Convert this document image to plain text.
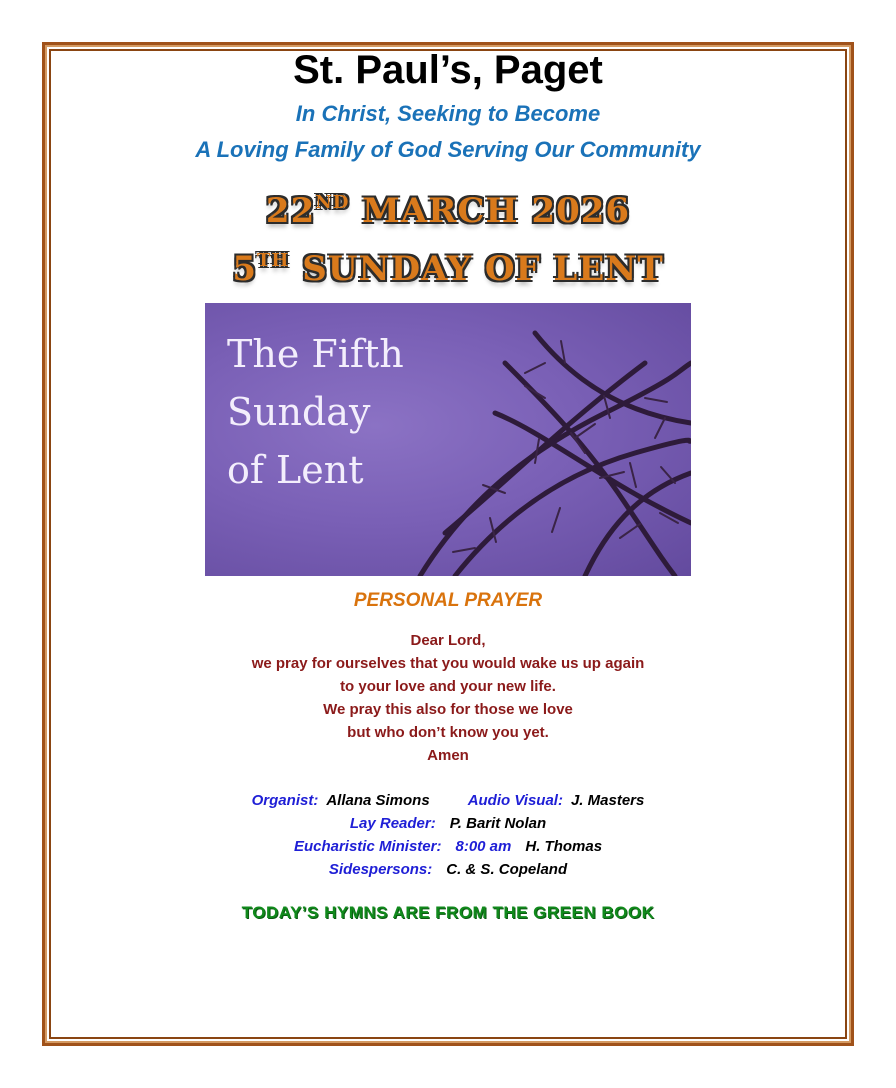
St. Paul’s, Paget

In Christ, Seeking to Become

A Loving Family of God Serving Our Community

22ND MARCH 2026
5TH SUNDAY OF LENT

The Fifth
Sunday
of Lent

PERSONAL PRAYER
Dear Lord,
we pray for ourselves that you would wake us up again
to your love and your new life.
We pray this also for those we love
but who don’t know you yet.
Amen
Organist: Allana Simons	Audio Visual: J. Masters
Lay Reader: P. Barit Nolan
Eucharistic Minister: 8:00 am H. Thomas
Sidespersons: C. & S. Copeland
TODAY’S HYMNS ARE FROM THE GREEN BOOK
